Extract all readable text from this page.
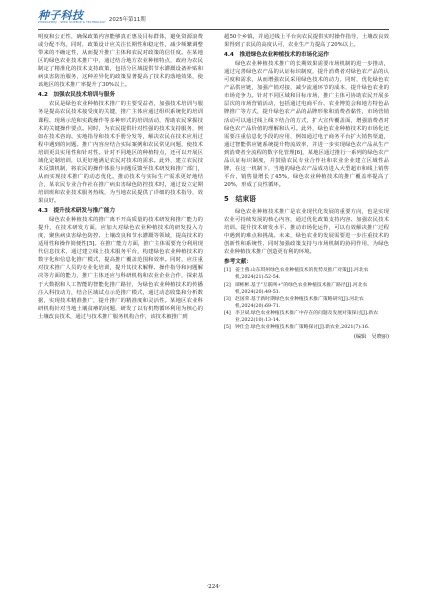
种子科技
ZHONGZIKEJI · SEED SCIENCE & TECHNOLOGY 2025年第11期

明度和公正性，确保政策内容能够真正惠及目标群体，避免资源浪费或分配不均。同时，政策设计应关注长期性和稳定性，减少频繁调整带来的不确定性，从而提升推广主体和农民对政策的信任度。在某地区的绿色农业技术推广中，通过结合地方农业种植特点，政府为农民制定了精准化的技术支持政策，包括分区域提供节水灌溉设备补贴和病虫害防治服务，这种差异化的政策显著提高了技术的落地效果，使该地区的技术推广率提升了30%以上。

4.2　加强农民技术培训与服务

农民是绿色农业种植技术推广的主要受益者，加强技术培训与服务是提高农民技术接受度的关键，推广主体应通过组织系统化的培训课程、现场示范和实践操作等多种形式的培训活动，帮助农民掌握技术的关键操作要点。同时，为农民提供针对性强的技术支持服务，例如在技术咨询、实地指导和技术手册分发等，解决农民在技术应用过程中遇到的问题。推广内容应结合实际案例和农民常见问题，使技术培训更具实用性和针对性。针对不同地区的种植特点，还可以开展区域化定制培训，以更好地满足农民对技术的需求。此外，建立农民技术反馈机制，将农民的操作体验与问题反馈至技术研发和推广部门，从而实现技术推广的动态优化。推动技术与实际生产需求更好地结合，某农民专业合作社在推广病虫害绿色防控技术时，通过设立定期培训班和农业技术服务热线，为当地农民提供了详细的技术指导，效果良好。

4.3　提升技术研发与推广能力

绿色农业种植技术的推广离不开高质量的技术研发和推广能力的提升，在技术研发方面，应加大对绿色农业种植技术的研发投入力度，聚焦病虫害绿色防控、土壤改良和节水灌溉等领域，提高技术的适用性和操作简便性[5]。在推广能力方面，推广主体需要充分利用现代信息技术，通过建立线上技术服务平台，构建绿色农业种植技术的数字化和信息化推广模式，提高推广覆盖范围和效率。同时，应注重对技术推广人员的专业化培训，提升其技术解释、操作指导和问题解决等方面的能力，推广主体还应与科研机构和农业企业合作，探索基于大数据和人工智能的智能化推广路径，为绿色农业种植技术的传播注入科技动力，结合区域试点示范推广模式，通过动态收集和分析数据，实现技术精准推广，提升推广的精准度和灵活性。某地区农业科研机构针对当地土壤贫瘠的问题，研发了以有机物循环利用为核心的土壤改良技术，通过与技术推广服务机构合作，该技术被推广到

超50个乡镇，并通过线上平台向农民提供实时操作指导，土壤改良效果得到了农民的高度认可，农业生产力提高了20%以上。

4.4　推进绿色农业种植技术的市场化运作

绿色农业种植技术推广的长期效果需要市场机制的进一步推动，通过完善绿色农产品的认证标识制度，提升消费者对绿色农产品的认可度和需求，从而增强农民采用绿色技术的动力，同时，优化绿色农产品供应链，加强产销对接，减少流通环节的成本，提升绿色农业的市场竞争力。针对不同区域和目标市场，推广主体可协助农民开展多层次的市场营销活动，包括通过电商平台、农业博览会和地方特色品牌推广等方式，提升绿色农产品的品牌形象和消费者黏性，市场营销活动可以通过线上线下结合的方式，扩大宣传覆盖面，增强消费者对绿色农产品价值的理解和认可。此外，绿色农业种植技术的市场化还需要注重信息化手段的应用，例如通过电子商务平台扩大销售渠道，通过智能供应链系统提升物流效率，并进一步实现绿色农产品从生产到消费者全流程的数字化管理[6]，某地区通过推行一系列的绿色农产品认证标识制度，并鼓励农民专业合作社和农业企业建立区域性品牌，在这一机制下，当地的绿色农产品成功进入大型超市和线上销售平台，销售量增长了45%，绿色农业种植技术的推广覆盖率提高了20%，形成了良性循环。

5　结束语

绿色农业种植技术推广是农业现代化发展的重要方向，也是实现农业可持续发展的核心内容，通过优化政策支持内容、加强农民技术培训、提升技术研发水平、推动市场化运作，可以有效解决推广过程中遇到的难点和挑战。未来，绿色农业的发展需要进一步注重技术的创新性和系统性，同时加强政策支持与市场机制的协同作用，为绿色农业种植技术推广创造更有利的环境。

参考文献：
[1] 姜士燕.山东琪州绿色农业种植技术的优势及推广对策[J].河北农机,2024(21):52-54.
[2] 谭彬彬.基于"互联网+"的绿色农业种植技术推广路径[J].河北农机,2024(20):49-51.
[3] 赵国荣.基于新时期绿色农业种植技术推广策略研究[J].河北农机,2024(20):69-71.
[4] 李卫斌.绿色农业种植技术推广中存在的问题及发展对策探讨[J].新农业,2022(10):13-14.
[5] 钟仕会.绿色农业种植技术推广策略探讨[J].新农业,2021(7):16.
(编辑　吴晓丽)
·224·
